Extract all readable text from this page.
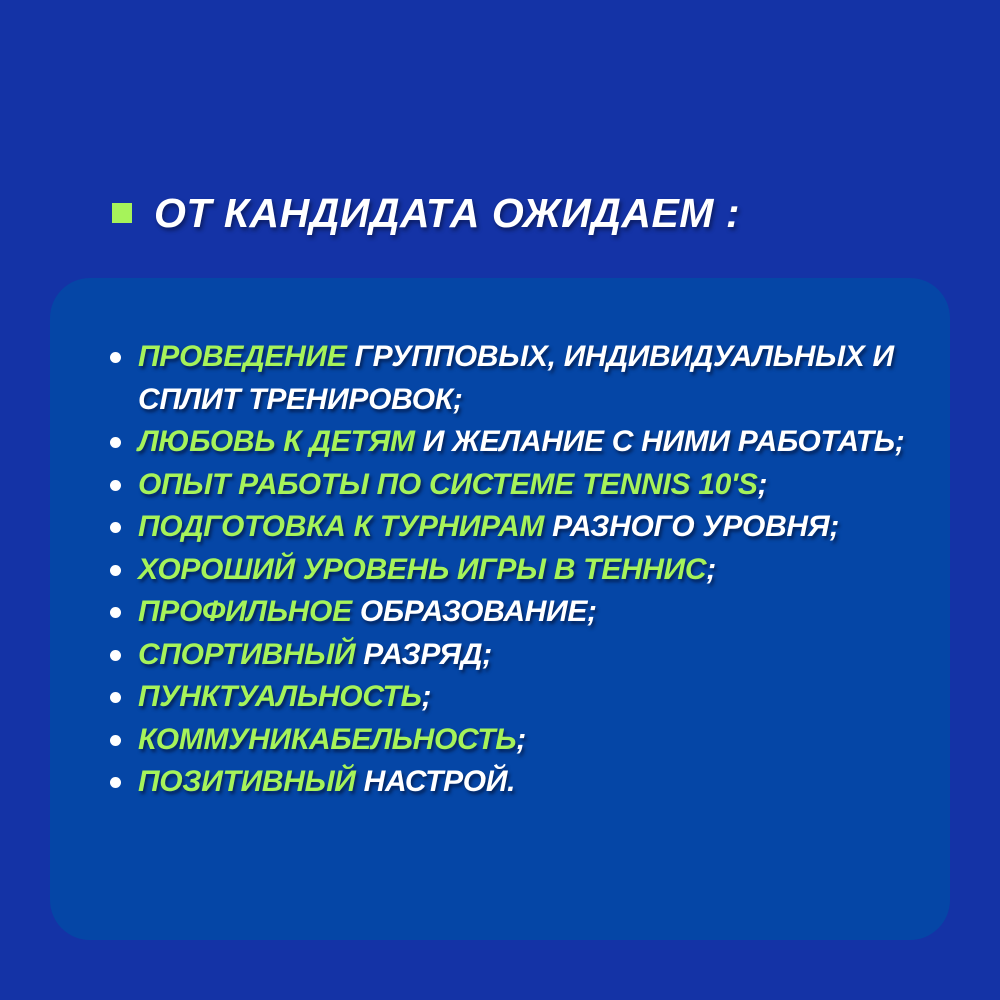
ОТ КАНДИДАТА ОЖИДАЕМ :
ПРОВЕДЕНИЕ ГРУППОВЫХ, ИНДИВИДУАЛЬНЫХ И СПЛИТ ТРЕНИРОВОК;
ЛЮБОВЬ К ДЕТЯМ И ЖЕЛАНИЕ С НИМИ РАБОТАТЬ;
ОПЫТ РАБОТЫ ПО СИСТЕМЕ TENNIS 10'S;
ПОДГОТОВКА К ТУРНИРАМ РАЗНОГО УРОВНЯ;
ХОРОШИЙ УРОВЕНЬ ИГРЫ В ТЕННИС;
ПРОФИЛЬНОЕ ОБРАЗОВАНИЕ;
СПОРТИВНЫЙ РАЗРЯД;
ПУНКТУАЛЬНОСТЬ;
КОММУНИКАБЕЛЬНОСТЬ;
ПОЗИТИВНЫЙ НАСТРОЙ.
